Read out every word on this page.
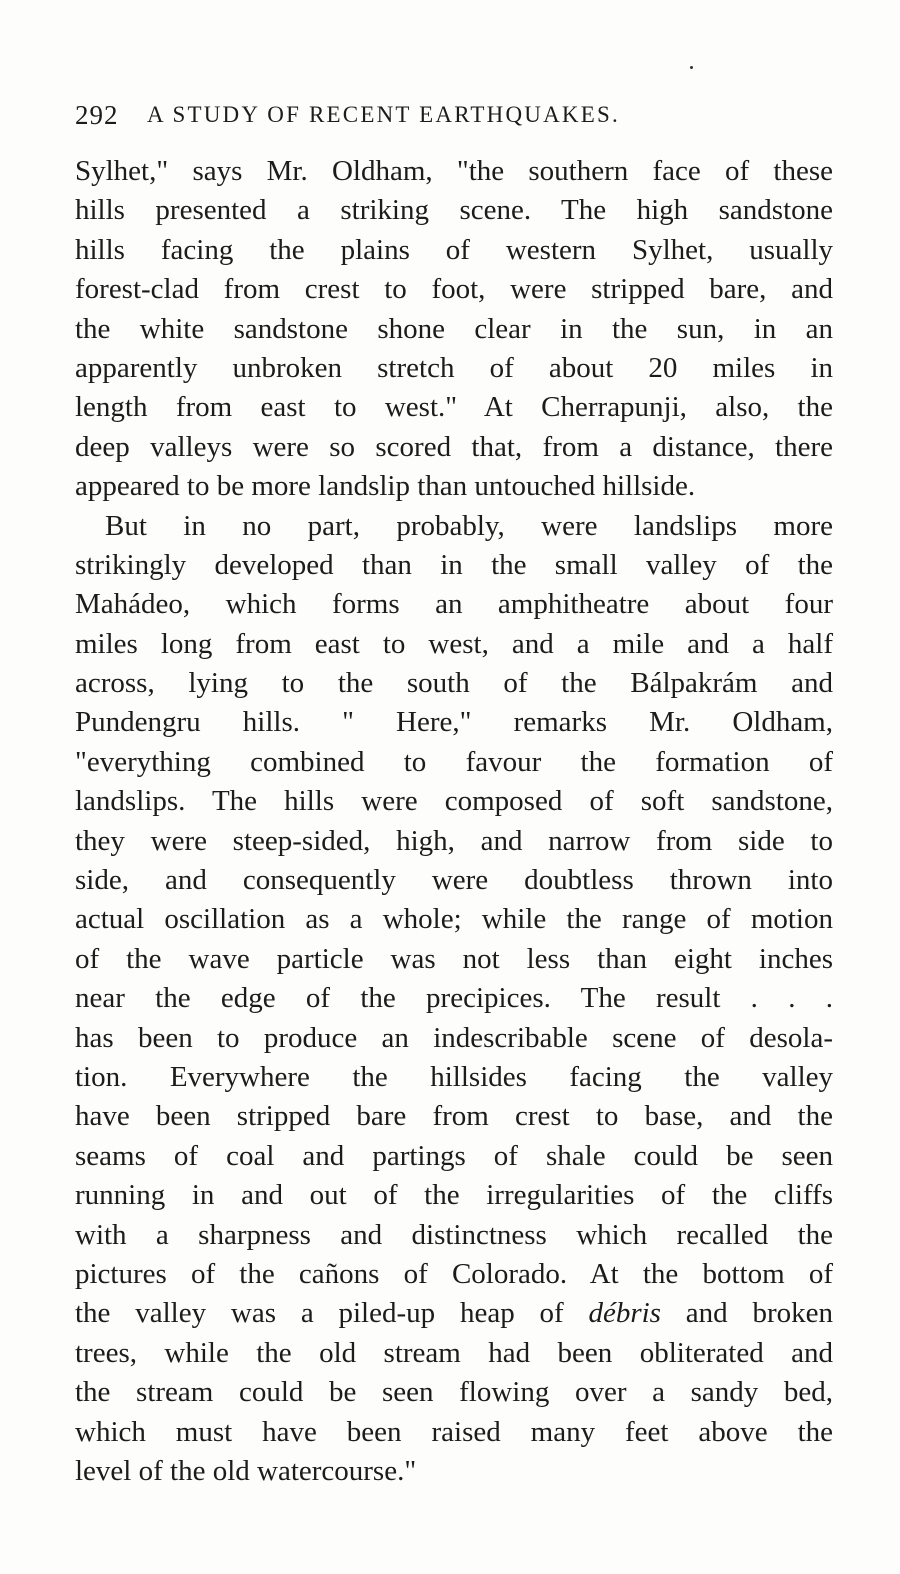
292 A STUDY OF RECENT EARTHQUAKES.
Sylhet," says Mr. Oldham, "the southern face of these
hills presented a striking scene. The high sandstone
hills facing the plains of western Sylhet, usually
forest-clad from crest to foot, were stripped bare, and
the white sandstone shone clear in the sun, in an
apparently unbroken stretch of about 20 miles in
length from east to west." At Cherrapunji, also, the
deep valleys were so scored that, from a distance, there
appeared to be more landslip than untouched hillside.
But in no part, probably, were landslips more
strikingly developed than in the small valley of the
Mahádeo, which forms an amphitheatre about four
miles long from east to west, and a mile and a half
across, lying to the south of the Bálpakrám and
Pundengru hills. " Here," remarks Mr. Oldham,
"everything combined to favour the formation of
landslips. The hills were composed of soft sandstone,
they were steep-sided, high, and narrow from side to
side, and consequently were doubtless thrown into
actual oscillation as a whole; while the range of motion
of the wave particle was not less than eight inches
near the edge of the precipices. The result . . .
has been to produce an indescribable scene of desola-
tion. Everywhere the hillsides facing the valley
have been stripped bare from crest to base, and the
seams of coal and partings of shale could be seen
running in and out of the irregularities of the cliffs
with a sharpness and distinctness which recalled the
pictures of the cañons of Colorado. At the bottom of
the valley was a piled-up heap of débris and broken
trees, while the old stream had been obliterated and
the stream could be seen flowing over a sandy bed,
which must have been raised many feet above the
level of the old watercourse."
